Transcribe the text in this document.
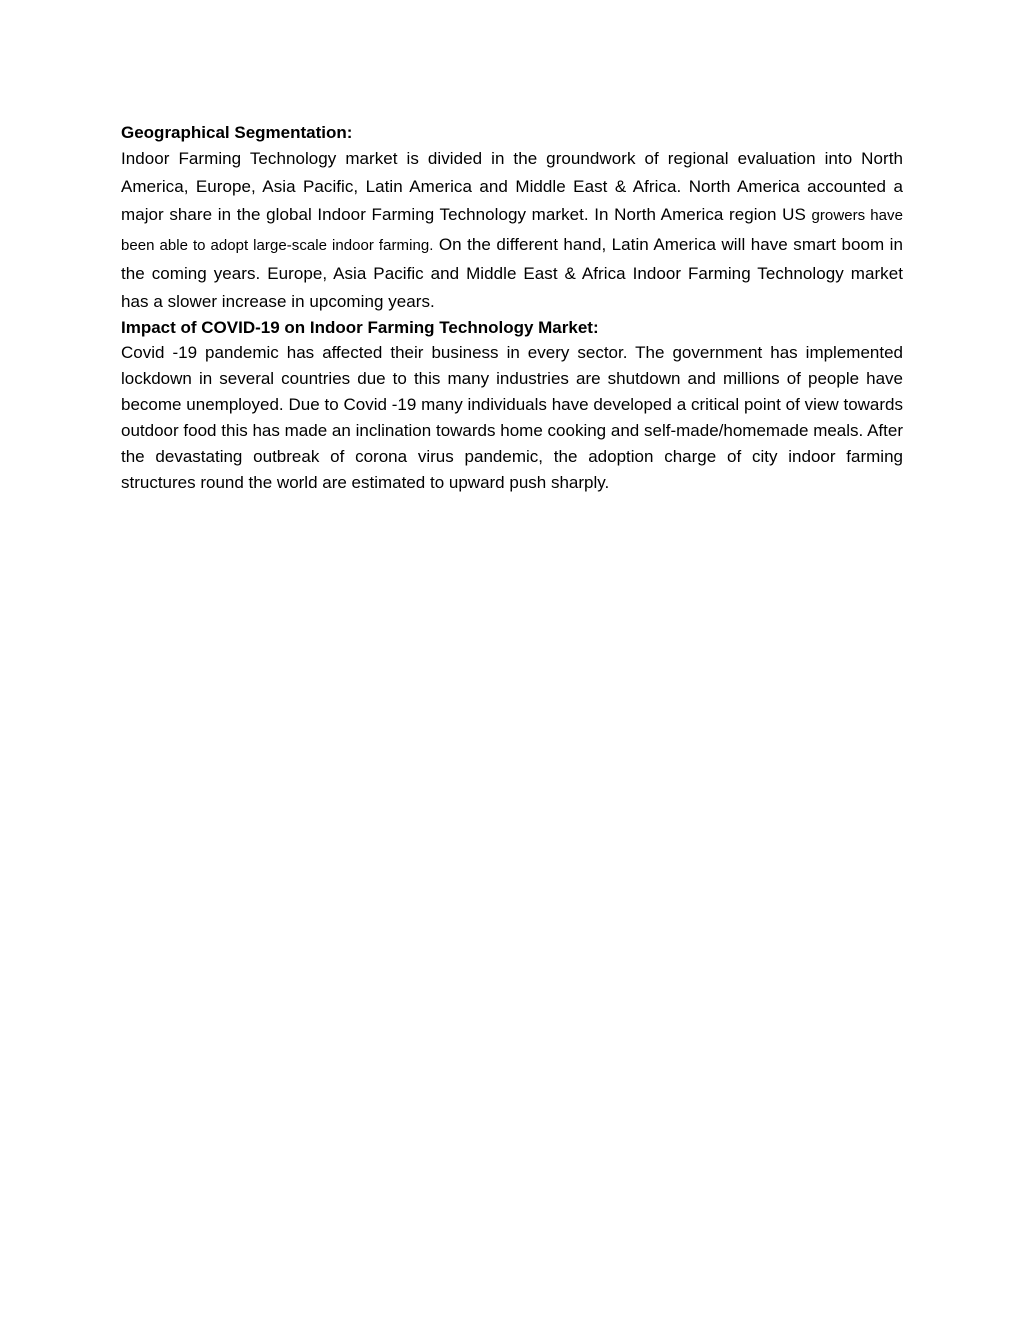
Geographical Segmentation:

Indoor Farming Technology market is divided in the groundwork of regional evaluation into North America, Europe, Asia Pacific, Latin America and Middle East & Africa. North America accounted a major share in the global Indoor Farming Technology market. In North America region US growers have been able to adopt large-scale indoor farming. On the different hand, Latin America will have smart boom in the coming years. Europe, Asia Pacific and Middle East & Africa Indoor Farming Technology market has a slower increase in upcoming years.

Impact of COVID-19 on Indoor Farming Technology Market:

Covid -19 pandemic has affected their business in every sector. The government has implemented lockdown in several countries due to this many industries are shutdown and millions of people have become unemployed. Due to Covid -19 many individuals have developed a critical point of view towards outdoor food this has made an inclination towards home cooking and self-made/homemade meals. After the devastating outbreak of corona virus pandemic, the adoption charge of city indoor farming structures round the world are estimated to upward push sharply.
